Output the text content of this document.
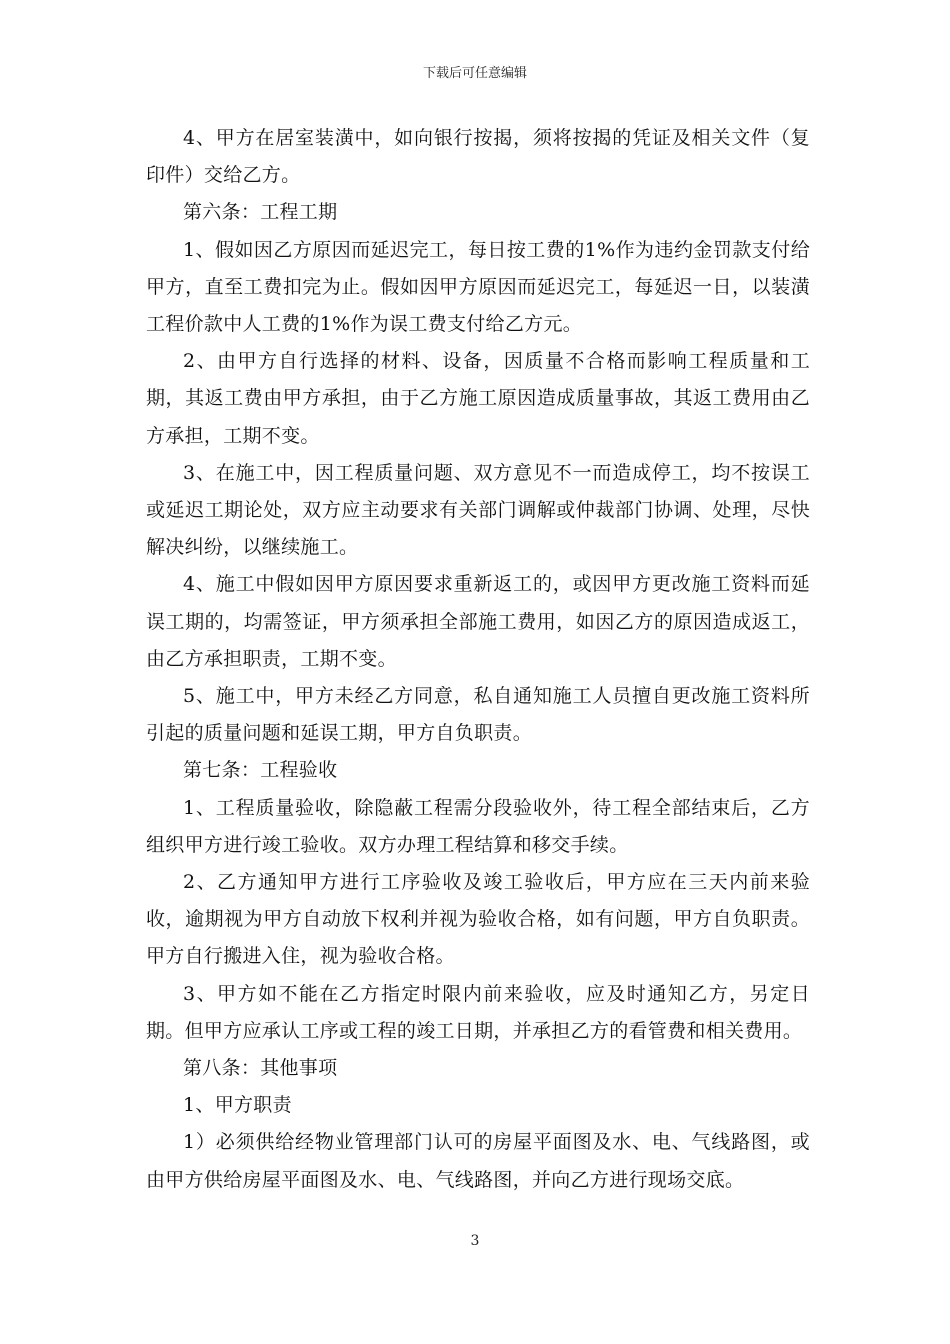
下载后可任意编辑

4、甲方在居室装潢中，如向银行按揭，须将按揭的凭证及相关文件（复印件）交给乙方。

第六条：工程工期

1、假如因乙方原因而延迟完工，每日按工费的1%作为违约金罚款支付给甲方，直至工费扣完为止。假如因甲方原因而延迟完工，每延迟一日，以装潢工程价款中人工费的1%作为误工费支付给乙方元。

2、由甲方自行选择的材料、设备，因质量不合格而影响工程质量和工期，其返工费由甲方承担，由于乙方施工原因造成质量事故，其返工费用由乙方承担，工期不变。

3、在施工中，因工程质量问题、双方意见不一而造成停工，均不按误工或延迟工期论处，双方应主动要求有关部门调解或仲裁部门协调、处理，尽快解决纠纷，以继续施工。

4、施工中假如因甲方原因要求重新返工的，或因甲方更改施工资料而延误工期的，均需签证，甲方须承担全部施工费用，如因乙方的原因造成返工，由乙方承担职责，工期不变。

5、施工中，甲方未经乙方同意，私自通知施工人员擅自更改施工资料所引起的质量问题和延误工期，甲方自负职责。

第七条：工程验收

1、工程质量验收，除隐蔽工程需分段验收外，待工程全部结束后，乙方组织甲方进行竣工验收。双方办理工程结算和移交手续。

2、乙方通知甲方进行工序验收及竣工验收后，甲方应在三天内前来验收，逾期视为甲方自动放下权利并视为验收合格，如有问题，甲方自负职责。甲方自行搬进入住，视为验收合格。

3、甲方如不能在乙方指定时限内前来验收，应及时通知乙方，另定日期。但甲方应承认工序或工程的竣工日期，并承担乙方的看管费和相关费用。

第八条：其他事项

1、甲方职责

1）必须供给经物业管理部门认可的房屋平面图及水、电、气线路图，或由甲方供给房屋平面图及水、电、气线路图，并向乙方进行现场交底。

3
